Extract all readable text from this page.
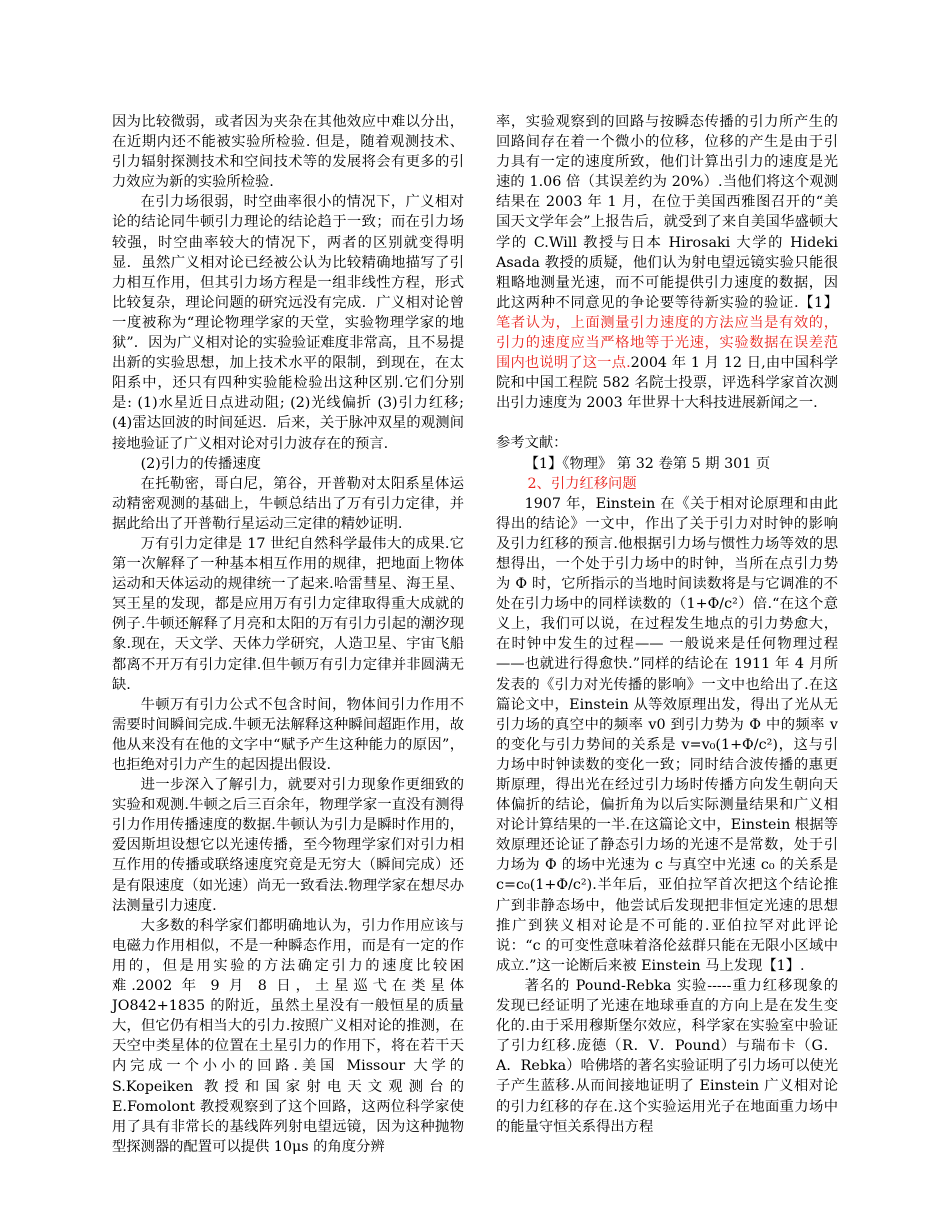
因为比较微弱，或者因为夹杂在其他效应中难以分出，在近期内还不能被实验所检验. 但是，随着观测技术、引力辐射探测技术和空间技术等的发展将会有更多的引力效应为新的实验所检验.

在引力场很弱，时空曲率很小的情况下，广义相对论的结论同牛顿引力理论的结论趋于一致；而在引力场较强，时空曲率较大的情况下，两者的区别就变得明显．虽然广义相对论已经被公认为比较精确地描写了引力相互作用，但其引力场方程是一组非线性方程，形式比较复杂，理论问题的研究远没有完成．广义相对论曾一度被称为“理论物理学家的天堂，实验物理学家的地狱”．因为广义相对论的实验验证难度非常高，且不易提出新的实验思想，加上技术水平的限制，到现在，在太阳系中，还只有四种实验能检验出这种区别.它们分别是: (1)水星近日点进动阻; (2)光线偏折 (3)引力红移; (4)雷达回波的时间延迟．后来，关于脉冲双星的观测间接地验证了广义相对论对引力波存在的预言.

(2)引力的传播速度

在托勒密，哥白尼，第谷，开普勒对太阳系星体运动精密观测的基础上，牛顿总结出了万有引力定律，并据此给出了开普勒行星运动三定律的精妙证明.

万有引力定律是 17 世纪自然科学最伟大的成果.它第一次解释了一种基本相互作用的规律，把地面上物体运动和天体运动的规律统一了起来.哈雷彗星、海王星、冥王星的发现，都是应用万有引力定律取得重大成就的例子.牛顿还解释了月亮和太阳的万有引力引起的潮汐现象.现在，天文学、天体力学研究，人造卫星、宇宙飞船都离不开万有引力定律.但牛顿万有引力定律并非圆满无缺.

牛顿万有引力公式不包含时间，物体间引力作用不需要时间瞬间完成.牛顿无法解释这种瞬间超距作用，故他从来没有在他的文字中“赋予产生这种能力的原因”，也拒绝对引力产生的起因提出假设.

进一步深入了解引力，就要对引力现象作更细致的实验和观测.牛顿之后三百余年，物理学家一直没有测得引力作用传播速度的数据.牛顿认为引力是瞬时作用的，爱因斯坦设想它以光速传播，至今物理学家们对引力相互作用的传播或联络速度究竟是无穷大（瞬间完成）还是有限速度（如光速）尚无一致看法.物理学家在想尽办法测量引力速度.

大多数的科学家们都明确地认为，引力作用应该与电磁力作用相似，不是一种瞬态作用，而是有一定的作用的，但是用实验的方法确定引力的速度比较困难.2002 年 9 月 8 日，土星巡弋在类星体 JO842+1835 的附近，虽然土星没有一般恒星的质量大，但它仍有相当大的引力.按照广义相对论的推测，在天空中类星体的位置在土星引力的作用下，将在若干天内完成一个小小的回路.美国 Missour 大学的 S.Kopeiken 教授和国家射电天文观测台的 E.Fomolont 教授观察到了这个回路，这两位科学家使用了具有非常长的基线阵列射电望远镜，因为这种抛物型探测器的配置可以提供 10μs 的角度分辨

率，实验观察到的回路与按瞬态传播的引力所产生的回路间存在着一个微小的位移，位移的产生是由于引力具有一定的速度所致，他们计算出引力的速度是光速的 1.06 倍（其误差约为 20%）.当他们将这个观测结果在 2003 年 1 月，在位于美国西雅图召开的“美国天文学年会”上报告后，就受到了来自美国华盛顿大学的 C.Will 教授与日本 Hirosaki 大学的 Hideki Asada 教授的质疑，他们认为射电望远镜实验只能很粗略地测量光速，而不可能提供引力速度的数据，因此这两种不同意见的争论要等待新实验的验证.【1】笔者认为，上面测量引力速度的方法应当是有效的，引力的速度应当严格地等于光速，实验数据在误差范围内也说明了这一点.2004 年 1 月 12 日,由中国科学院和中国工程院 582 名院士投票，评选科学家首次测出引力速度为 2003 年世界十大科技进展新闻之一.

参考文献：

【1】《物理》 第 32 卷第 5 期 301 页

2、引力红移问题

1907 年，Einstein 在《关于相对论原理和由此得出的结论》一文中，作出了关于引力对时钟的影响及引力红移的预言.他根据引力场与惯性力场等效的思想得出，一个处于引力场中的时钟，当所在点引力势为 Φ 时，它所指示的当地时间读数将是与它调准的不处在引力场中的同样读数的（1+Φ/c²）倍.“在这个意义上，我们可以说，在过程发生地点的引力势愈大，在时钟中发生的过程—— 一般说来是任何物理过程——也就进行得愈快.”同样的结论在 1911 年 4 月所发表的《引力对光传播的影响》一文中也给出了.在这篇论文中，Einstein 从等效原理出发，得出了光从无引力场的真空中的频率 v0 到引力势为 Φ 中的频率 v 的变化与引力势间的关系是 v=v₀(1+Φ/c²)，这与引力场中时钟读数的变化一致；同时结合波传播的惠更斯原理，得出光在经过引力场时传播方向发生朝向天体偏折的结论，偏折角为以后实际测量结果和广义相对论计算结果的一半.在这篇论文中，Einstein 根据等效原理还论证了静态引力场的光速不是常数，处于引力场为 Φ 的场中光速为 c 与真空中光速 c₀ 的关系是 c=c₀(1+Φ/c²).半年后，亚伯拉罕首次把这个结论推广到非静态场中，他尝试后发现把非恒定光速的思想推广到狭义相对论是不可能的.亚伯拉罕对此评论说：“c 的可变性意味着洛伦兹群只能在无限小区域中成立.”这一论断后来被 Einstein 马上发现【1】.

著名的 Pound-Rebka 实验-----重力红移现象的发现已经证明了光速在地球垂直的方向上是在发生变化的.由于采用穆斯堡尔效应，科学家在实验室中验证了引力红移.庞德（R．V．Pound）与瑞布卡（G．A．Rebka）哈佛塔的著名实验证明了引力场可以使光子产生蓝移.从而间接地证明了 Einstein 广义相对论的引力红移的存在.这个实验运用光子在地面重力场中的能量守恒关系得出方程
